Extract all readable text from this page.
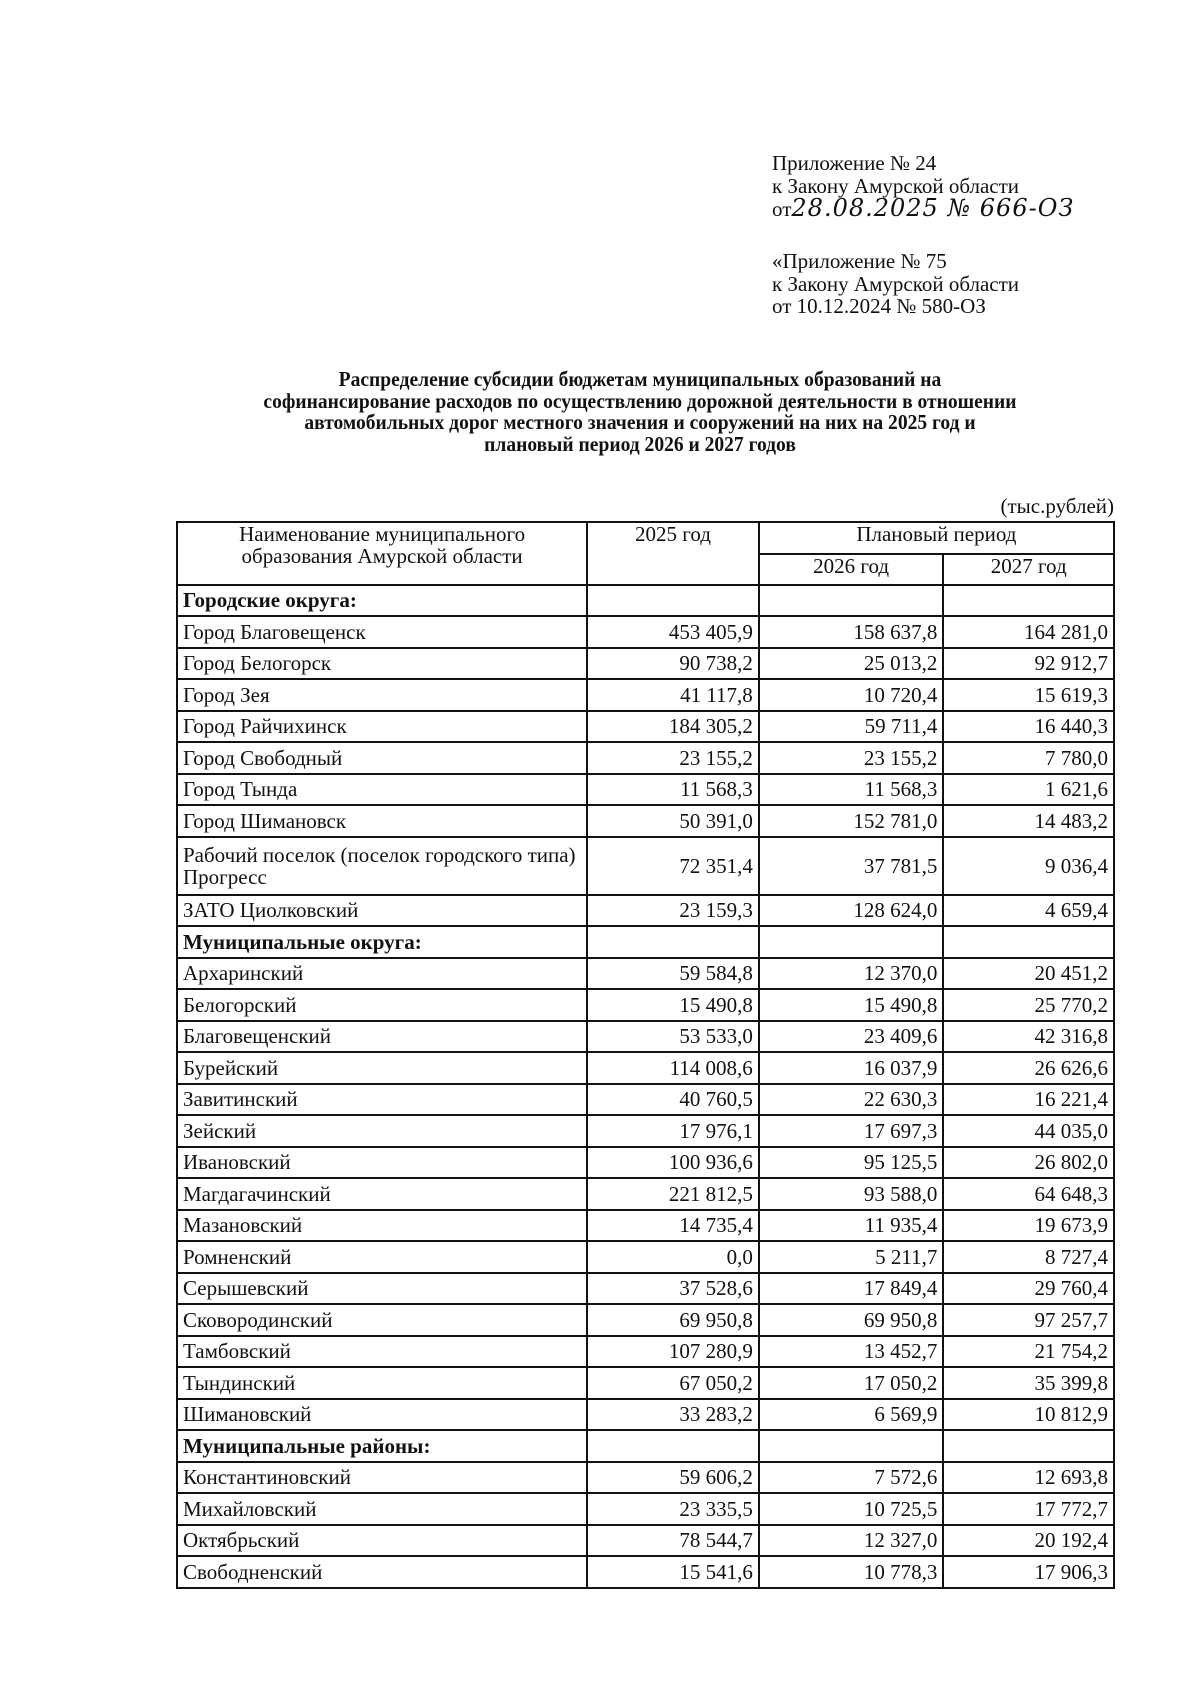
Приложение № 24
к Закону Амурской области
от28.08.2025 № 666-ОЗ
«Приложение № 75
к Закону Амурской области
от 10.12.2024 № 580-ОЗ
Распределение субсидии бюджетам муниципальных образований на
софинансирование расходов по осуществлению дорожной деятельности в отношении
автомобильных дорог местного значения и сооружений на них на 2025 год и
плановый период 2026 и 2027 годов
(тыс.рублей)
Наименование муниципального образования Амурской области	2025 год	Плановый период	
		2026 год	2027 год
Городские округа:			
Город Благовещенск	453 405,9	158 637,8	164 281,0
Город Белогорск	90 738,2	25 013,2	92 912,7
Город Зея	41 117,8	10 720,4	15 619,3
Город Райчихинск	184 305,2	59 711,4	16 440,3
Город Свободный	23 155,2	23 155,2	7 780,0
Город Тында	11 568,3	11 568,3	1 621,6
Город Шимановск	50 391,0	152 781,0	14 483,2
Рабочий поселок (поселок городского типа) Прогресс	72 351,4	37 781,5	9 036,4
ЗАТО Циолковский	23 159,3	128 624,0	4 659,4
Муниципальные округа:			
Архаринский	59 584,8	12 370,0	20 451,2
Белогорский	15 490,8	15 490,8	25 770,2
Благовещенский	53 533,0	23 409,6	42 316,8
Бурейский	114 008,6	16 037,9	26 626,6
Завитинский	40 760,5	22 630,3	16 221,4
Зейский	17 976,1	17 697,3	44 035,0
Ивановский	100 936,6	95 125,5	26 802,0
Магдагачинский	221 812,5	93 588,0	64 648,3
Мазановский	14 735,4	11 935,4	19 673,9
Ромненский	0,0	5 211,7	8 727,4
Серышевский	37 528,6	17 849,4	29 760,4
Сковородинский	69 950,8	69 950,8	97 257,7
Тамбовский	107 280,9	13 452,7	21 754,2
Тындинский	67 050,2	17 050,2	35 399,8
Шимановский	33 283,2	6 569,9	10 812,9
Муниципальные районы:			
Константиновский	59 606,2	7 572,6	12 693,8
Михайловский	23 335,5	10 725,5	17 772,7
Октябрьский	78 544,7	12 327,0	20 192,4
Свободненский	15 541,6	10 778,3	17 906,3
